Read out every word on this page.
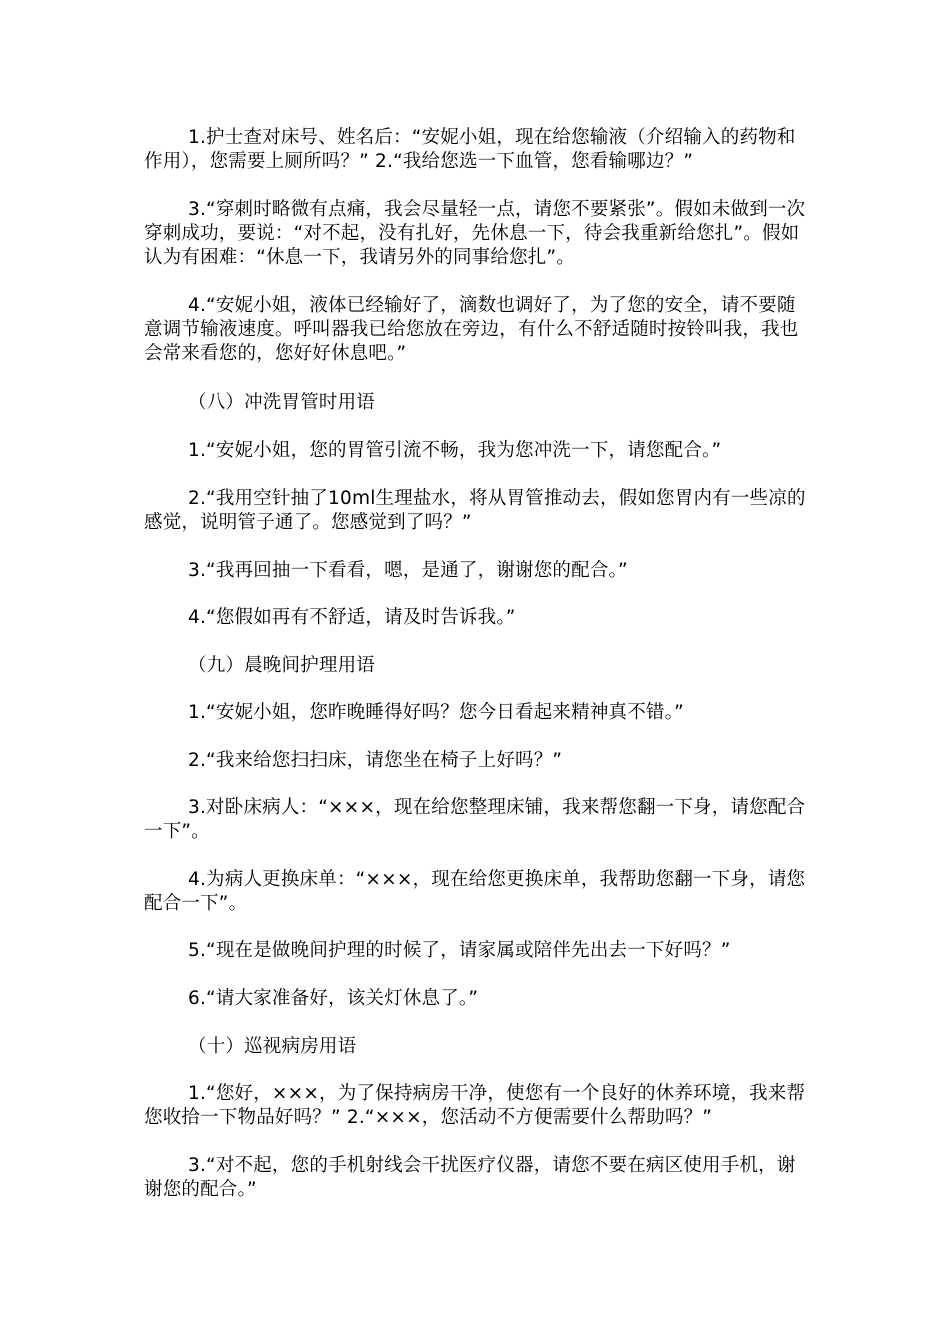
1.护士查对床号、姓名后：“安妮小姐，现在给您输液（介绍输入的药物和作用），您需要上厕所吗？” 2.“我给您选一下血管，您看输哪边？”

3.“穿刺时略微有点痛，我会尽量轻一点，请您不要紧张”。假如未做到一次穿刺成功，要说：“对不起，没有扎好，先休息一下，待会我重新给您扎”。假如认为有困难：“休息一下，我请另外的同事给您扎”。

4.“安妮小姐，液体已经输好了，滴数也调好了，为了您的安全，请不要随意调节输液速度。呼叫器我已给您放在旁边，有什么不舒适随时按铃叫我，我也会常来看您的，您好好休息吧。”

（八）冲洗胃管时用语

1.“安妮小姐，您的胃管引流不畅，我为您冲洗一下，请您配合。”

2.“我用空针抽了10ml生理盐水，将从胃管推动去，假如您胃内有一些凉的感觉，说明管子通了。您感觉到了吗？”

3.“我再回抽一下看看，嗯，是通了，谢谢您的配合。”

4.“您假如再有不舒适，请及时告诉我。”

（九）晨晚间护理用语

1.“安妮小姐，您昨晚睡得好吗？您今日看起来精神真不错。”

2.“我来给您扫扫床，请您坐在椅子上好吗？”

3.对卧床病人：“×××，现在给您整理床铺，我来帮您翻一下身，请您配合一下”。

4.为病人更换床单：“×××，现在给您更换床单，我帮助您翻一下身，请您配合一下”。

5.“现在是做晚间护理的时候了，请家属或陪伴先出去一下好吗？”

6.“请大家准备好，该关灯休息了。”

（十）巡视病房用语

1.“您好，×××，为了保持病房干净，使您有一个良好的休养环境，我来帮您收拾一下物品好吗？” 2.“×××，您活动不方便需要什么帮助吗？”

3.“对不起，您的手机射线会干扰医疗仪器，请您不要在病区使用手机，谢谢您的配合。”
